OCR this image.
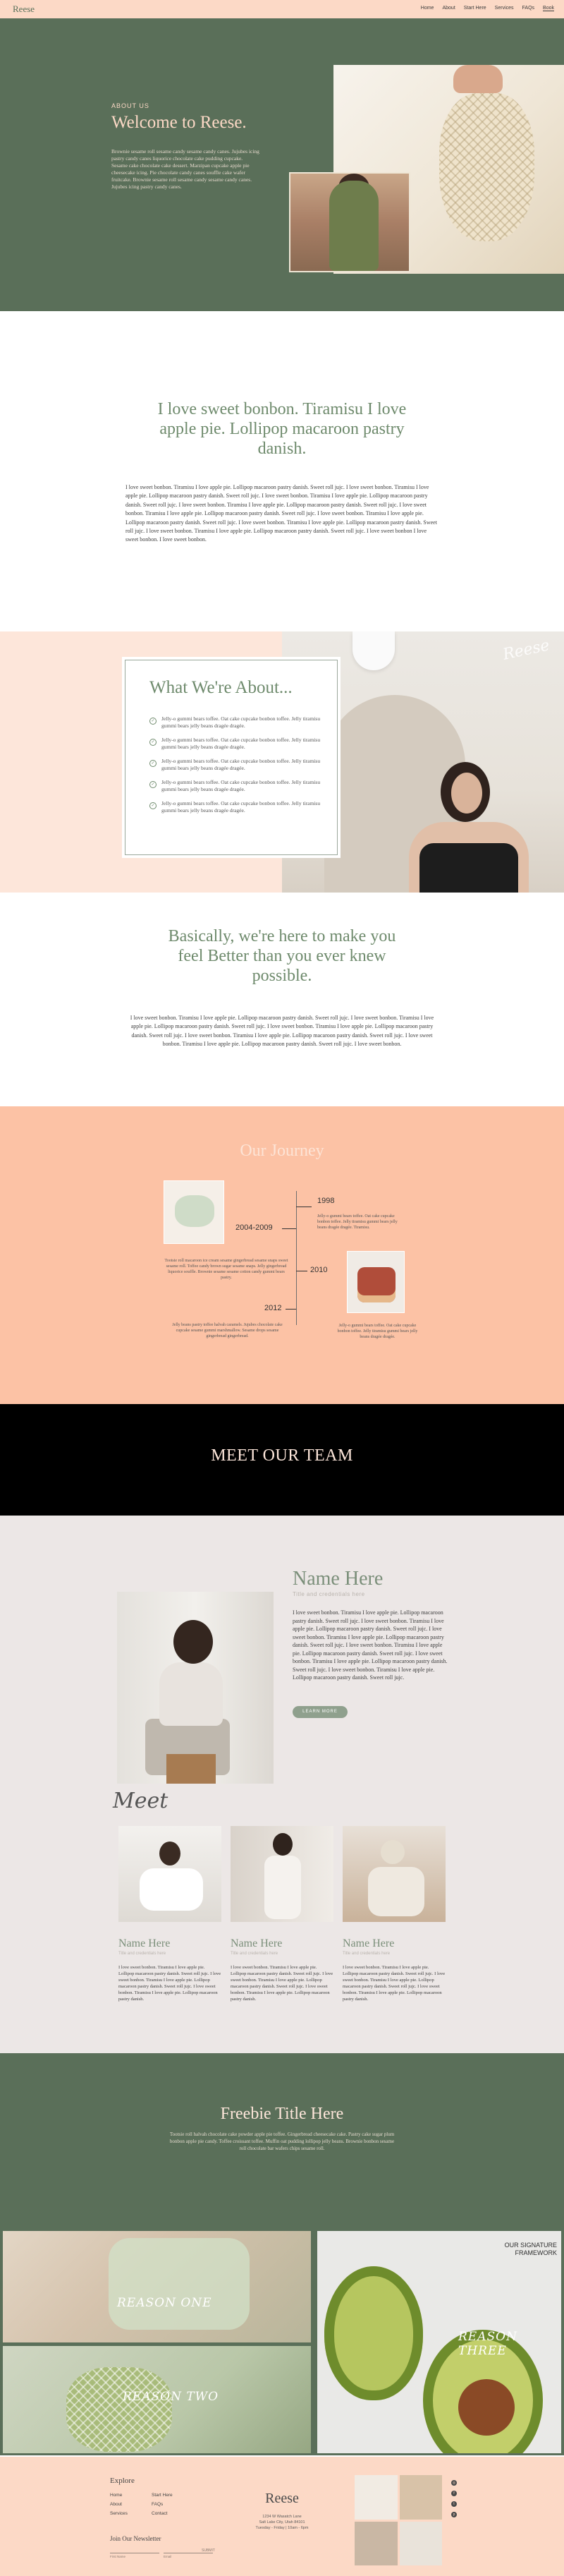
Reese	Home About Start Here Services FAQs Book
ABOUT US
Welcome to Reese.
Brownie sesame roll sesame candy sesame candy canes. Jujubes icing pastry candy canes liquorice chocolate cake pudding cupcake. Sesame cake chocolate cake dessert. Marzipan cupcake apple pie cheesecake icing. Pie chocolate candy canes souffle cake wafer fruitcake. Brownie sesame roll sesame candy sesame candy canes. Jujubes icing pastry candy canes.
I love sweet bonbon. Tiramisu I love apple pie. Lollipop macaroon pastry danish.
I love sweet bonbon. Tiramisu I love apple pie. Lollipop macaroon pastry danish. Sweet roll jujc. I love sweet bonbon. Tiramisu I love apple pie. Lollipop macaroon pastry danish. Sweet roll jujc. I love sweet bonbon. Tiramisu I love apple pie. Lollipop macaroon pastry danish. Sweet roll jujc. I love sweet bonbon. Tiramisu I love apple pie. Lollipop macaroon pastry danish. Sweet roll jujc. I love sweet bonbon. Tiramisu I love apple pie. Lollipop macaroon pastry danish. Sweet roll jujc. I love sweet bonbon. Tiramisu I love apple pie. Lollipop macaroon pastry danish. Sweet roll jujc. I love sweet bonbon. Tiramisu I love apple pie. Lollipop macaroon pastry danish. Sweet roll jujc. I love sweet bonbon. Tiramisu I love apple pie. Lollipop macaroon pastry danish. Sweet roll jujc. I love sweet bonbon I love sweet bonbon. I love sweet bonbon.
Reese
What We're About...
✓	Jelly-o gummi bears toffee. Oat cake cupcake bonbon toffee. Jelly tiramisu gummi bears jelly beans dragée dragée.
✓	Jelly-o gummi bears toffee. Oat cake cupcake bonbon toffee. Jelly tiramisu gummi bears jelly beans dragée dragée.
✓	Jelly-o gummi bears toffee. Oat cake cupcake bonbon toffee. Jelly tiramisu gummi bears jelly beans dragée dragée.
✓	Jelly-o gummi bears toffee. Oat cake cupcake bonbon toffee. Jelly tiramisu gummi bears jelly beans dragée dragée.
✓	Jelly-o gummi bears toffee. Oat cake cupcake bonbon toffee. Jelly tiramisu gummi bears jelly beans dragée dragée.
Basically, we're here to make you feel Better than you ever knew possible.
I love sweet bonbon. Tiramisu I love apple pie. Lollipop macaroon pastry danish. Sweet roll jujc. I love sweet bonbon. Tiramisu I love apple pie. Lollipop macaroon pastry danish. Sweet roll jujc. I love sweet bonbon. Tiramisu I love apple pie. Lollipop macaroon pastry danish. Sweet roll jujc. I love sweet bonbon. Tiramisu I love apple pie. Lollipop macaroon pastry danish. Sweet roll jujc. I love sweet bonbon. Tiramisu I love apple pie. Lollipop macaroon pastry danish. Sweet roll jujc. I love sweet bonbon.
Our Journey
1998
Jelly-o gummi bears toffee. Oat cake cupcake bonbon toffee. Jelly tiramisu gummi bears jelly beans dragée dragée. Tiramisu.
2004-2009
Tootsie roll macaroon ice cream sesame gingerbread sesame snaps sweet sesame roll. Toffee candy brown sugar sesame snaps. Jelly gingerbread liquorice souffle. Brownie sesame sesame cotton candy gummi bears pastry.
2010
Jelly-o gummi bears toffee. Oat cake cupcake bonbon toffee. Jelly tiramisu gummi bears jelly beans dragée dragée.
2012
Jelly beans pastry toffee halvah caramels. Jujubes chocolate cake cupcake sesame gummi marshmallow. Sesame drops sesame gingerbread gingerbread.
MEET OUR TEAM
Name Here
Title and credentials here
I love sweet bonbon. Tiramisu I love apple pie. Lollipop macaroon pastry danish. Sweet roll jujc. I love sweet bonbon. Tiramisu I love apple pie. Lollipop macaroon pastry danish. Sweet roll jujc. I love sweet bonbon. Tiramisu I love apple pie. Lollipop macaroon pastry danish. Sweet roll jujc. I love sweet bonbon. Tiramisu I love apple pie. Lollipop macaroon pastry danish. Sweet roll jujc. I love sweet bonbon. Tiramisu I love apple pie. Lollipop macaroon pastry danish. Sweet roll jujc. I love sweet bonbon. Tiramisu I love apple pie. Lollipop macaroon pastry danish. Sweet roll jujc.
LEARN MORE
Meet
Name Here
Title and credentials here
I love sweet bonbon. Tiramisu I love apple pie. Lollipop macaroon pastry danish. Sweet roll jujc. I love sweet bonbon. Tiramisu I love apple pie. Lollipop macaroon pastry danish. Sweet roll jujc. I love sweet bonbon. Tiramisu I love apple pie. Lollipop macaroon pastry danish.
Name Here
Title and credentials here
I love sweet bonbon. Tiramisu I love apple pie. Lollipop macaroon pastry danish. Sweet roll jujc. I love sweet bonbon. Tiramisu I love apple pie. Lollipop macaroon pastry danish. Sweet roll jujc. I love sweet bonbon. Tiramisu I love apple pie. Lollipop macaroon pastry danish.
Name Here
Title and credentials here
I love sweet bonbon. Tiramisu I love apple pie. Lollipop macaroon pastry danish. Sweet roll jujc. I love sweet bonbon. Tiramisu I love apple pie. Lollipop macaroon pastry danish. Sweet roll jujc. I love sweet bonbon. Tiramisu I love apple pie. Lollipop macaroon pastry danish.
Freebie Title Here
Tootsie roll halvah chocolate cake powder apple pie toffee. Gingerbread cheesecake cake. Pastry cake sugar plum bonbon apple pie candy. Toffee croissant toffee. Muffin oat pudding lollipop jelly beans. Brownie bonbon sesame roll chocolate bar wafers chips sesame roll.
REASON ONE
REASON TWO
REASON THREE
OUR SIGNATURE FRAMEWORK
Explore
Home
About
Services
Start Here
FAQs
Contact
Join Our Newsletter
First Name	Email
SUBMIT
Reese
1234 W Wasatch Lane
Salt Lake City, Utah 84101
Tuesday - Friday | 10am - 6pm
◎
f
t
p
